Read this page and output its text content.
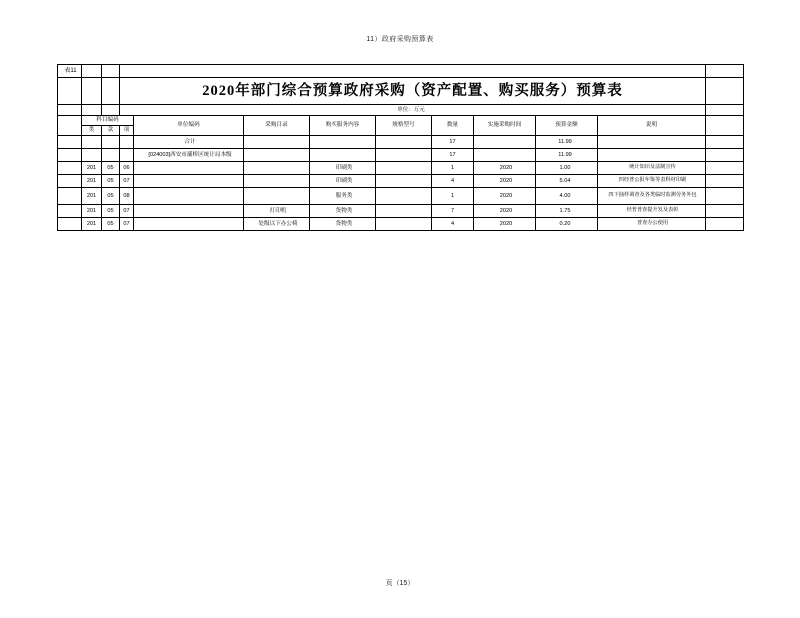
11）政府采购预算表
表11												
			2020年部门综合预算政府采购（资产配置、购买服务）预算表									
			单位：万元									
	科目编码			单位编码	采购目录	购买服务内容	规格型号	数量	实施采购时间	预算金额	说明	
	类	款	项									
				合计				17		11.99		
				[024003]西安市灞桥区统计局本级				17		11.99		
	201	05	06			印刷类		1	2020	1.00	统计知识及法制宣传	
	201	05	07			印刷类		4	2020	5.04	四经普公报年鉴等表科材印刷	
	201	05	08			服务类		1	2020	4.00	四下抽样调查及各类临时监测劳务外包	
	201	05	07		打印机	货物类		7	2020	1.75	经普普查提升发及表彰	
	201	05	07		处级以下办公椅	货物类		4	2020	0.20	普查办公使用	
页（15）
